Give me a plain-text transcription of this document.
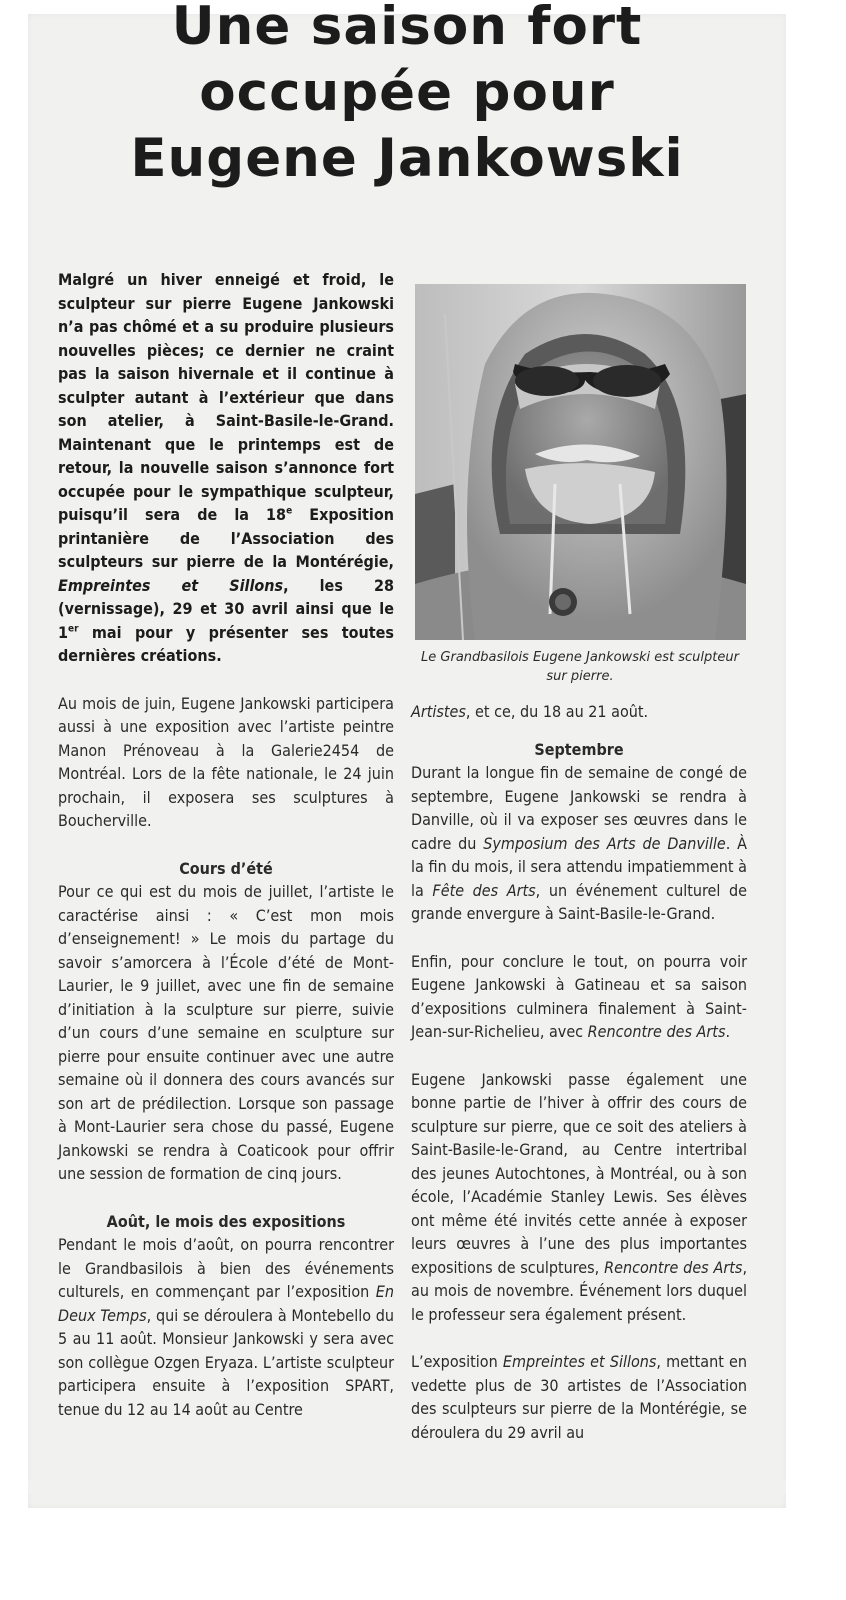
Une saison fort
occupée pour
Eugene Jankowski
Le Grandbasilois Eugene Jankowski est sculpteur
sur pierre.

Malgré un hiver enneigé et froid, le sculpteur sur pierre Eugene Jankowski n’a pas chômé et a su produire plusieurs nouvelles pièces; ce dernier ne craint pas la saison hivernale et il continue à sculpter autant à l’extérieur que dans son atelier, à Saint-Basile-le-Grand. Maintenant que le printemps est de retour, la nouvelle saison s’annonce fort occupée pour le sympathique sculpteur, puisqu’il sera de la 18e Exposition printanière de l’Association des sculpteurs sur pierre de la Montérégie, Empreintes et Sillons, les 28 (vernissage), 29 et 30 avril ainsi que le 1er mai pour y présenter ses toutes dernières créations.

Au mois de juin, Eugene Jankowski participera aussi à une exposition avec l’artiste peintre Manon Prénoveau à la Galerie2454 de Montréal. Lors de la fête nationale, le 24 juin prochain, il exposera ses sculptures à Boucherville.

Cours d’été

Pour ce qui est du mois de juillet, l’artiste le caractérise ainsi : « C’est mon mois d’enseignement! » Le mois du partage du savoir s’amorcera à l’École d’été de Mont-Laurier, le 9 juillet, avec une fin de semaine d’initiation à la sculpture sur pierre, suivie d’un cours d’une semaine en sculpture sur pierre pour ensuite continuer avec une autre semaine où il donnera des cours avancés sur son art de prédilection. Lorsque son passage à Mont-Laurier sera chose du passé, Eugene Jankowski se rendra à Coaticook pour offrir une session de formation de cinq jours.

Août, le mois des expositions

Pendant le mois d’août, on pourra rencontrer le Grandbasilois à bien des événements culturels, en commençant par l’exposition En Deux Temps, qui se déroulera à Montebello du 5 au 11 août. Monsieur Jankowski y sera avec son collègue Ozgen Eryaza. L’artiste sculpteur participera ensuite à l’exposition SPART, tenue du 12 au 14 août au Centre

Artistes, et ce, du 18 au 21 août.

Septembre

Durant la longue fin de semaine de congé de septembre, Eugene Jankowski se rendra à Danville, où il va exposer ses œuvres dans le cadre du Symposium des Arts de Danville. À la fin du mois, il sera attendu impatiemment à la Fête des Arts, un événement culturel de grande envergure à Saint-Basile-le-Grand.

Enfin, pour conclure le tout, on pourra voir Eugene Jankowski à Gatineau et sa saison d’expositions culminera finalement à Saint-Jean-sur-Richelieu, avec Rencontre des Arts.

Eugene Jankowski passe également une bonne partie de l’hiver à offrir des cours de sculpture sur pierre, que ce soit des ateliers à Saint-Basile-le-Grand, au Centre intertribal des jeunes Autochtones, à Montréal, ou à son école, l’Académie Stanley Lewis. Ses élèves ont même été invités cette année à exposer leurs œuvres à l’une des plus importantes expositions de sculptures, Rencontre des Arts, au mois de novembre. Événement lors duquel le professeur sera également présent.

L’exposition Empreintes et Sillons, mettant en vedette plus de 30 artistes de l’Association des sculpteurs sur pierre de la Montérégie, se déroulera du 29 avril au
